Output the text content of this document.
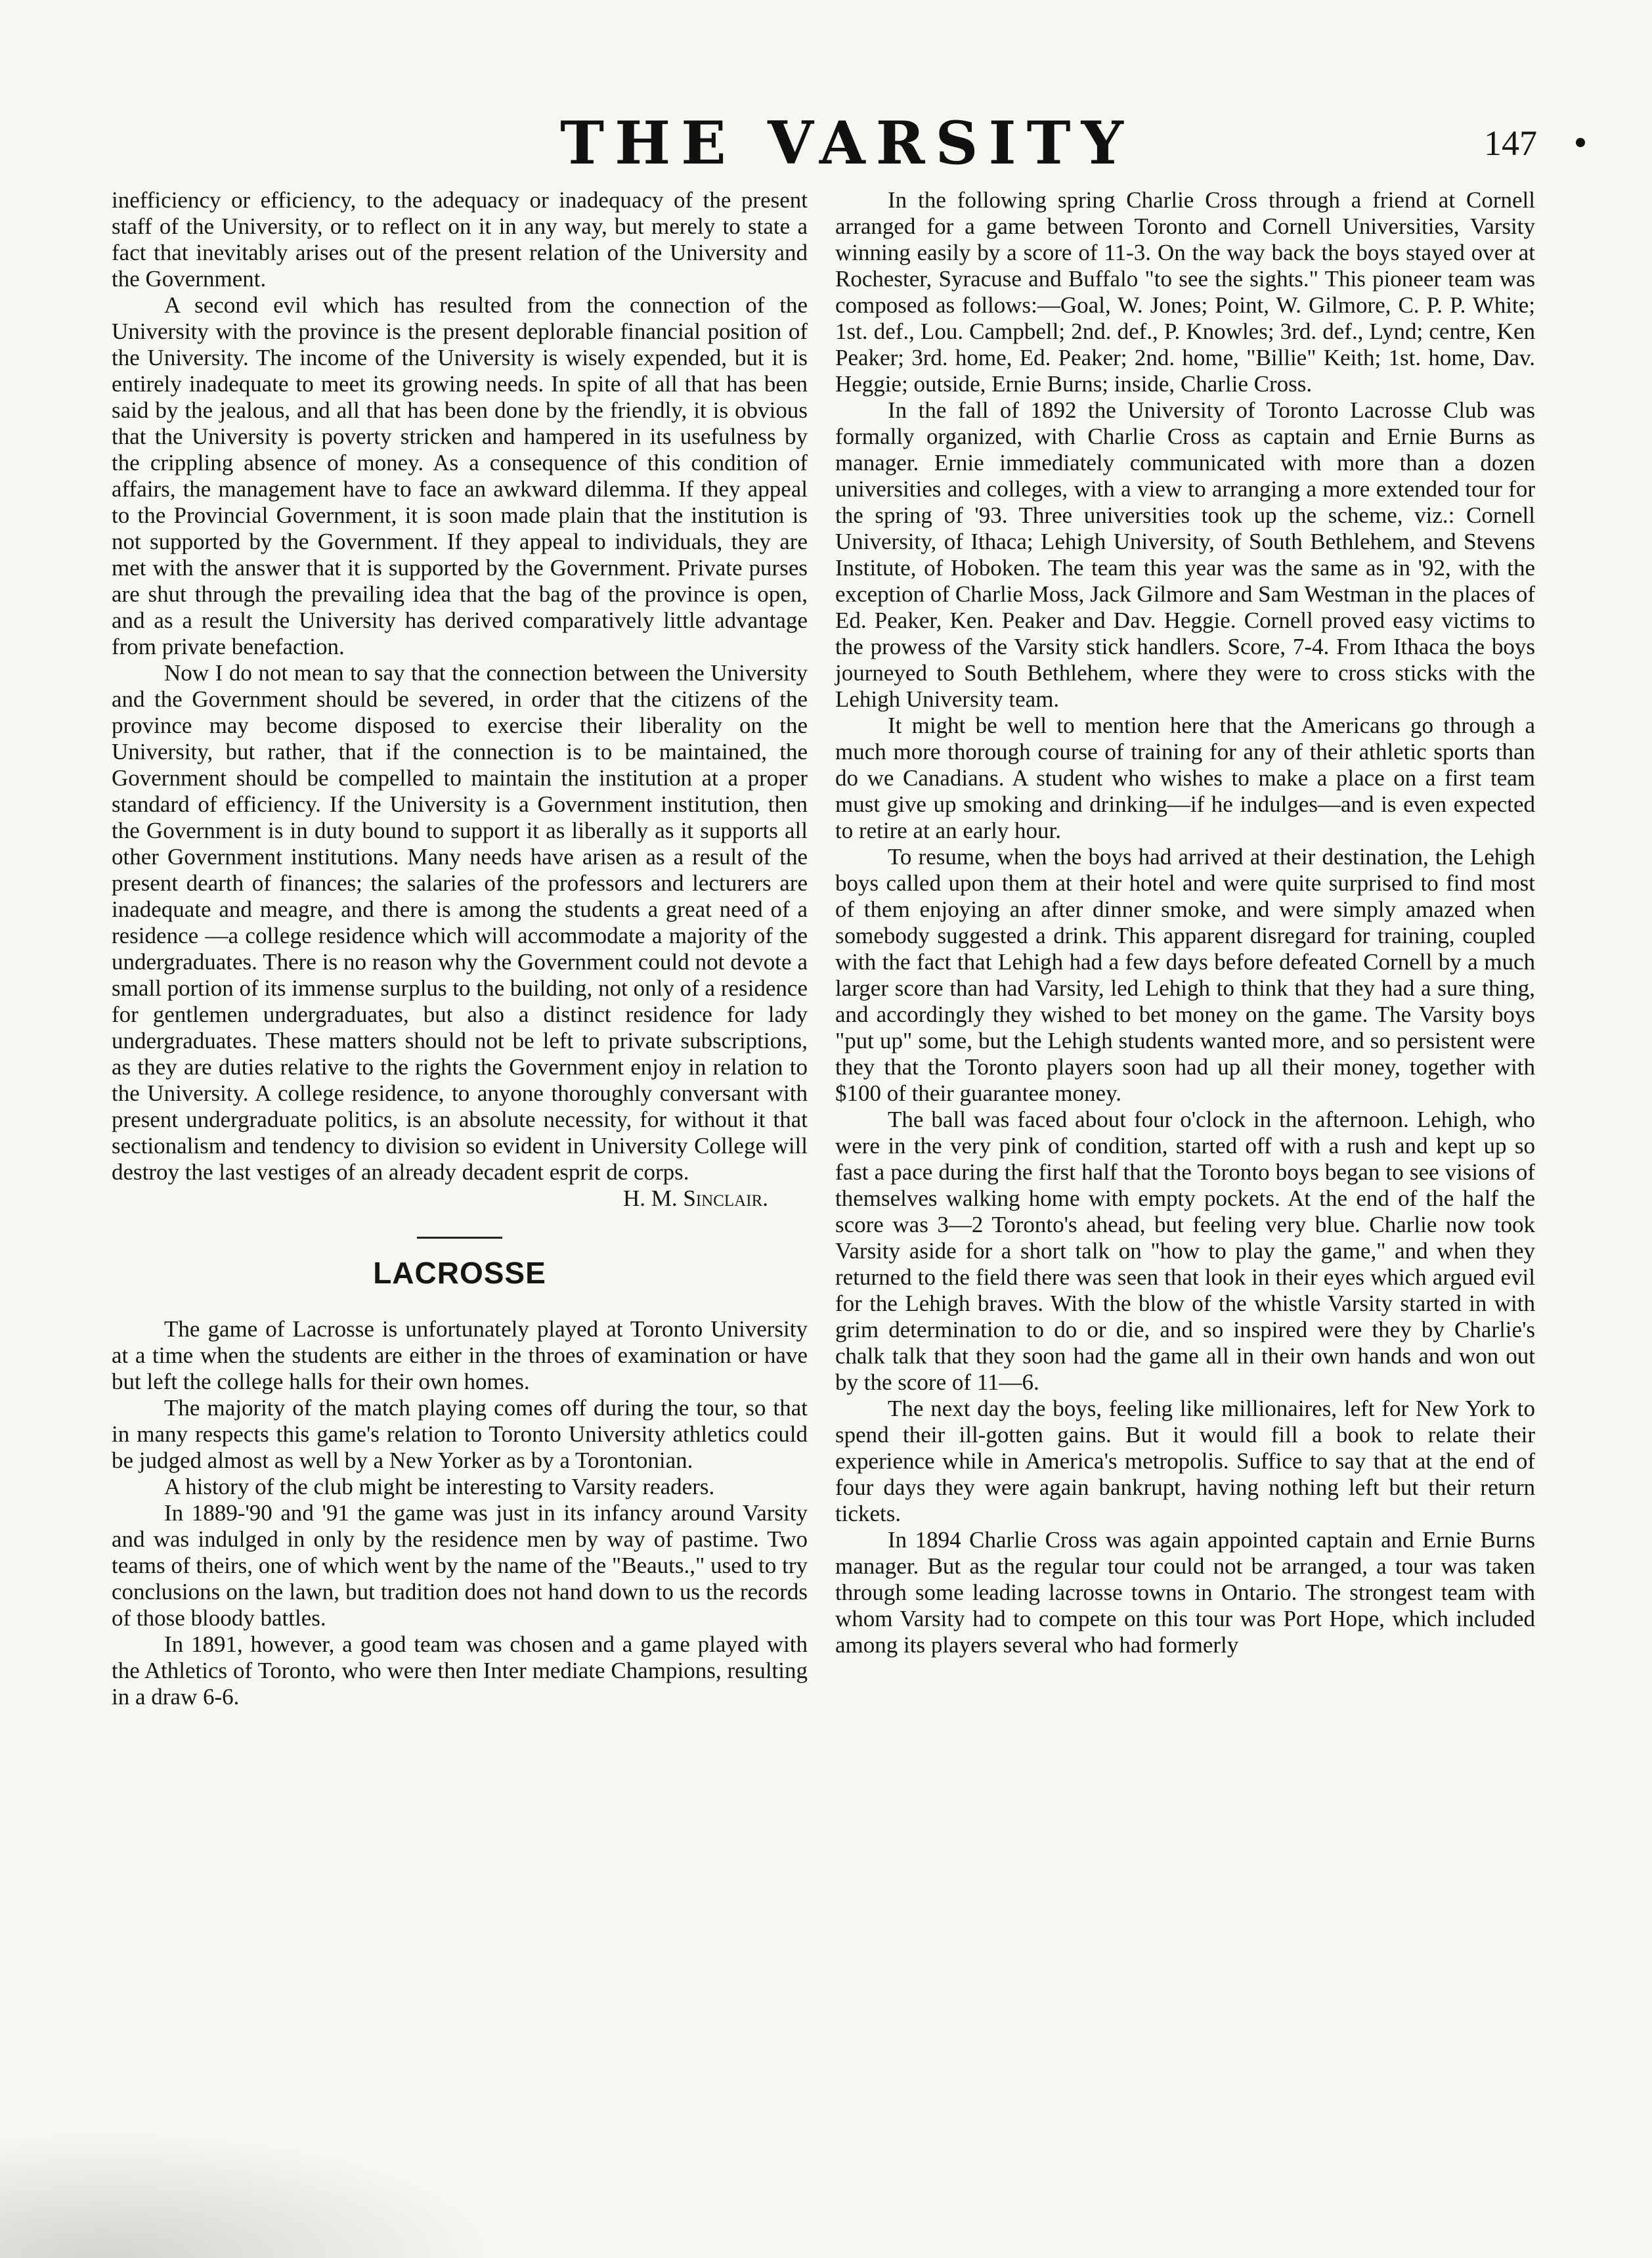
THE VARSITY	147

inefficiency or efficiency, to the adequacy or inadequacy of the present staff of the University, or to reflect on it in any way, but merely to state a fact that inevitably arises out of the present relation of the University and the Government.

A second evil which has resulted from the connection of the University with the province is the present deplorable financial position of the University. The income of the University is wisely expended, but it is entirely inadequate to meet its growing needs. In spite of all that has been said by the jealous, and all that has been done by the friendly, it is obvious that the University is poverty stricken and hampered in its usefulness by the crippling absence of money. As a consequence of this condition of affairs, the management have to face an awkward dilemma. If they appeal to the Provincial Government, it is soon made plain that the institution is not supported by the Government. If they appeal to individuals, they are met with the answer that it is supported by the Government. Private purses are shut through the prevailing idea that the bag of the province is open, and as a result the University has derived comparatively little advantage from private benefaction.

Now I do not mean to say that the connection between the University and the Government should be severed, in order that the citizens of the province may become disposed to exercise their liberality on the University, but rather, that if the connection is to be maintained, the Government should be compelled to maintain the institution at a proper standard of efficiency. If the University is a Government institution, then the Government is in duty bound to support it as liberally as it supports all other Government institutions. Many needs have arisen as a result of the present dearth of finances; the salaries of the professors and lecturers are inadequate and meagre, and there is among the students a great need of a residence —a college residence which will accommodate a majority of the undergraduates. There is no reason why the Government could not devote a small portion of its immense surplus to the building, not only of a residence for gentlemen undergraduates, but also a distinct residence for lady undergraduates. These matters should not be left to private subscriptions, as they are duties relative to the rights the Government enjoy in relation to the University. A college residence, to anyone thoroughly conversant with present undergraduate politics, is an absolute necessity, for without it that sectionalism and tendency to division so evident in University College will destroy the last vestiges of an already decadent esprit de corps.

H. M. Sinclair.

LACROSSE

The game of Lacrosse is unfortunately played at Toronto University at a time when the students are either in the throes of examination or have but left the college halls for their own homes.

The majority of the match playing comes off during the tour, so that in many respects this game's relation to Toronto University athletics could be judged almost as well by a New Yorker as by a Torontonian.

A history of the club might be interesting to Varsity readers.

In 1889-'90 and '91 the game was just in its infancy around Varsity and was indulged in only by the residence men by way of pastime. Two teams of theirs, one of which went by the name of the "Beauts.," used to try conclusions on the lawn, but tradition does not hand down to us the records of those bloody battles.

In 1891, however, a good team was chosen and a game played with the Athletics of Toronto, who were then Inter mediate Champions, resulting in a draw 6-6.

In the following spring Charlie Cross through a friend at Cornell arranged for a game between Toronto and Cornell Universities, Varsity winning easily by a score of 11-3. On the way back the boys stayed over at Rochester, Syracuse and Buffalo "to see the sights." This pioneer team was composed as follows:—Goal, W. Jones; Point, W. Gilmore, C. P. P. White; 1st. def., Lou. Campbell; 2nd. def., P. Knowles; 3rd. def., Lynd; centre, Ken Peaker; 3rd. home, Ed. Peaker; 2nd. home, "Billie" Keith; 1st. home, Dav. Heggie; outside, Ernie Burns; inside, Charlie Cross.

In the fall of 1892 the University of Toronto Lacrosse Club was formally organized, with Charlie Cross as captain and Ernie Burns as manager. Ernie immediately communicated with more than a dozen universities and colleges, with a view to arranging a more extended tour for the spring of '93. Three universities took up the scheme, viz.: Cornell University, of Ithaca; Lehigh University, of South Bethlehem, and Stevens Institute, of Hoboken. The team this year was the same as in '92, with the exception of Charlie Moss, Jack Gilmore and Sam Westman in the places of Ed. Peaker, Ken. Peaker and Dav. Heggie. Cornell proved easy victims to the prowess of the Varsity stick handlers. Score, 7-4. From Ithaca the boys journeyed to South Bethlehem, where they were to cross sticks with the Lehigh University team.

It might be well to mention here that the Americans go through a much more thorough course of training for any of their athletic sports than do we Canadians. A student who wishes to make a place on a first team must give up smoking and drinking—if he indulges—and is even expected to retire at an early hour.

To resume, when the boys had arrived at their destination, the Lehigh boys called upon them at their hotel and were quite surprised to find most of them enjoying an after dinner smoke, and were simply amazed when somebody suggested a drink. This apparent disregard for training, coupled with the fact that Lehigh had a few days before defeated Cornell by a much larger score than had Varsity, led Lehigh to think that they had a sure thing, and accordingly they wished to bet money on the game. The Varsity boys "put up" some, but the Lehigh students wanted more, and so persistent were they that the Toronto players soon had up all their money, together with $100 of their guarantee money.

The ball was faced about four o'clock in the afternoon. Lehigh, who were in the very pink of condition, started off with a rush and kept up so fast a pace during the first half that the Toronto boys began to see visions of themselves walking home with empty pockets. At the end of the half the score was 3—2 Toronto's ahead, but feeling very blue. Charlie now took Varsity aside for a short talk on "how to play the game," and when they returned to the field there was seen that look in their eyes which argued evil for the Lehigh braves. With the blow of the whistle Varsity started in with grim determination to do or die, and so inspired were they by Charlie's chalk talk that they soon had the game all in their own hands and won out by the score of 11—6.

The next day the boys, feeling like millionaires, left for New York to spend their ill-gotten gains. But it would fill a book to relate their experience while in America's metropolis. Suffice to say that at the end of four days they were again bankrupt, having nothing left but their return tickets.

In 1894 Charlie Cross was again appointed captain and Ernie Burns manager. But as the regular tour could not be arranged, a tour was taken through some leading lacrosse towns in Ontario. The strongest team with whom Varsity had to compete on this tour was Port Hope, which included among its players several who had formerly
